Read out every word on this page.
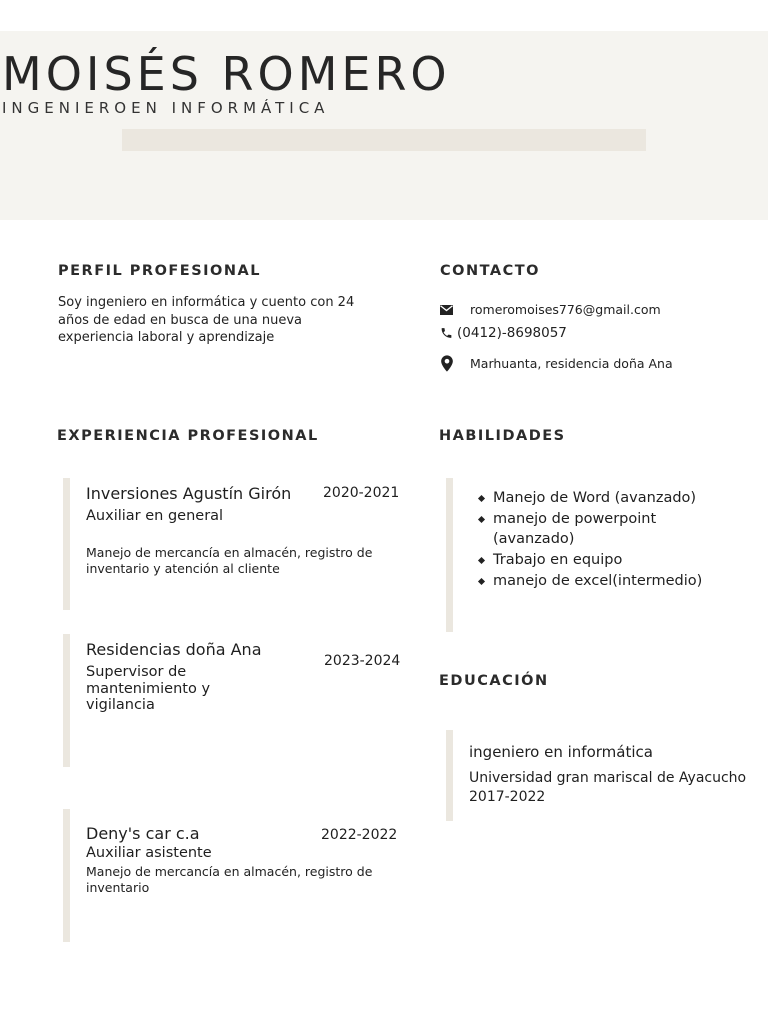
MOISÉS ROMERO
INGENIEROEN INFORMÁTICA
PERFIL PROFESIONAL
Soy ingeniero en informática y cuento con 24 años de edad en busca de una nueva experiencia laboral y aprendizaje
CONTACTO
romeromoises776@gmail.com
(0412)-8698057
Marhuanta, residencia doña Ana
EXPERIENCIA PROFESIONAL
Inversiones Agustín Girón 2020-2021
Auxiliar en general
Manejo de mercancía en almacén, registro de inventario y atención al cliente
Residencias doña Ana
2023-2024
Supervisor de mantenimiento y vigilancia
Deny's car c.a	2022-2022
Auxiliar asistente
Manejo de mercancía en almacén, registro de inventario
HABILIDADES
Manejo de Word (avanzado)
manejo de powerpoint (avanzado)
Trabajo en equipo
manejo de excel(intermedio)
EDUCACIÓN
ingeniero en informática
Universidad gran mariscal de Ayacucho
2017-2022
